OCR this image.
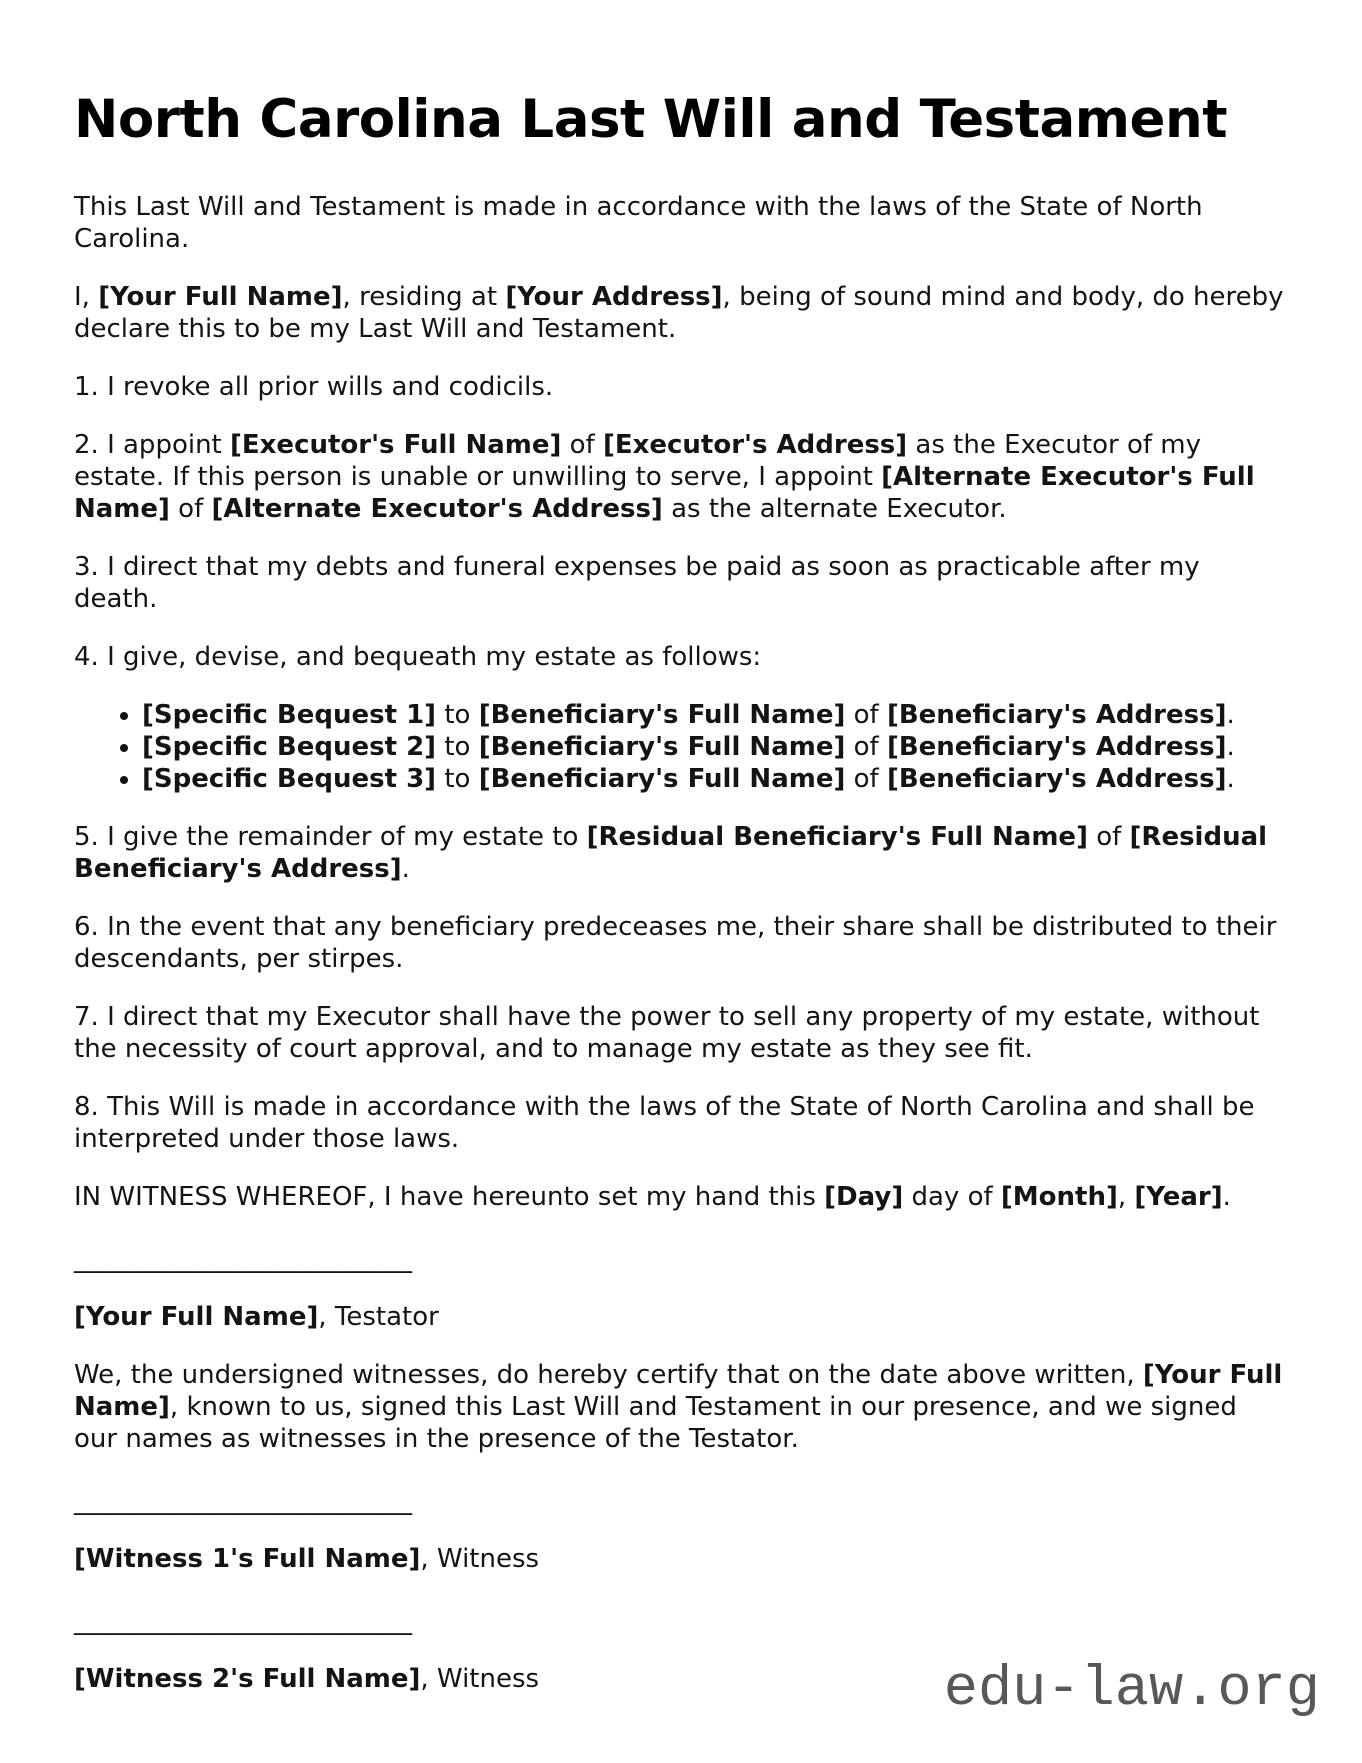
North Carolina Last Will and Testament

This Last Will and Testament is made in accordance with the laws of the State of North Carolina.

I, [Your Full Name], residing at [Your Address], being of sound mind and body, do hereby declare this to be my Last Will and Testament.

1. I revoke all prior wills and codicils.

2. I appoint [Executor's Full Name] of [Executor's Address] as the Executor of my estate. If this person is unable or unwilling to serve, I appoint [Alternate Executor's Full Name] of [Alternate Executor's Address] as the alternate Executor.

3. I direct that my debts and funeral expenses be paid as soon as practicable after my death.

4. I give, devise, and bequeath my estate as follows:

• [Specific Bequest 1] to [Beneficiary's Full Name] of [Beneficiary's Address].
• [Specific Bequest 2] to [Beneficiary's Full Name] of [Beneficiary's Address].
• [Specific Bequest 3] to [Beneficiary's Full Name] of [Beneficiary's Address].

5. I give the remainder of my estate to [Residual Beneficiary's Full Name] of [Residual Beneficiary's Address].

6. In the event that any beneficiary predeceases me, their share shall be distributed to their descendants, per stirpes.

7. I direct that my Executor shall have the power to sell any property of my estate, without the necessity of court approval, and to manage my estate as they see fit.

8. This Will is made in accordance with the laws of the State of North Carolina and shall be interpreted under those laws.

IN WITNESS WHEREOF, I have hereunto set my hand this [Day] day of [Month], [Year].

__________________________

[Your Full Name], Testator

We, the undersigned witnesses, do hereby certify that on the date above written, [Your Full Name], known to us, signed this Last Will and Testament in our presence, and we signed our names as witnesses in the presence of the Testator.

__________________________

[Witness 1's Full Name], Witness

__________________________

[Witness 2's Full Name], Witness	edu-law.org
